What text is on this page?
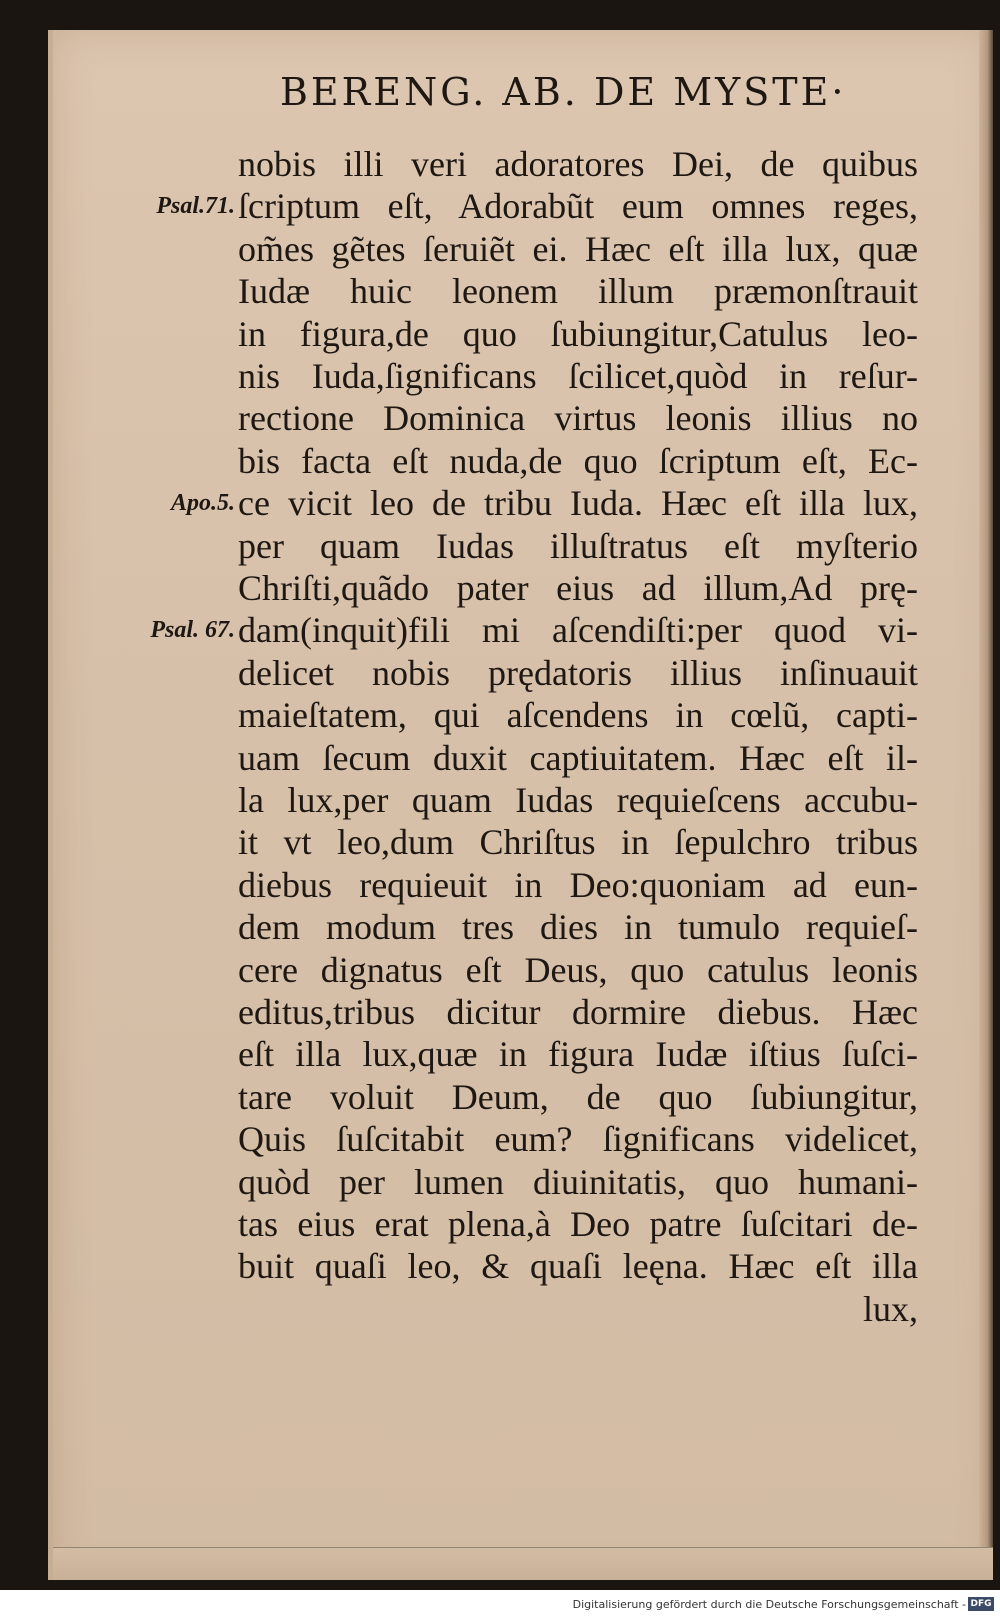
BERENG. AB. DE MYSTE·
nobis illi veri adoratores Dei, de quibus
ſcriptum eſt, Adorabũt eum omnes reges,
om̃es gẽtes ſeruiẽt ei. Hæc eſt illa lux, quæ
Iudæ huic leonem illum præmonſtrauit
in figura,de quo ſubiungitur,Catulus leo-
nis Iuda,ſignificans ſcilicet,quòd in reſur-
rectione Dominica virtus leonis illius no
bis facta eſt nuda,de quo ſcriptum eſt, Ec-
ce vicit leo de tribu Iuda. Hæc eſt illa lux,
per quam Iudas illuſtratus eſt myſterio
Chriſti,quãdo pater eius ad illum,Ad prę-
dam(inquit)fili mi aſcendiſti:per quod vi-
delicet nobis prędatoris illius inſinuauit
maieſtatem, qui aſcendens in cœlũ, capti-
uam ſecum duxit captiuitatem. Hæc eſt il-
la lux,per quam Iudas requieſcens accubu-
it vt leo,dum Chriſtus in ſepulchro tribus
diebus requieuit in Deo:quoniam ad eun-
dem modum tres dies in tumulo requieſ-
cere dignatus eſt Deus, quo catulus leonis
editus,tribus dicitur dormire diebus. Hæc
eſt illa lux,quæ in figura Iudæ iſtius ſuſci-
tare voluit Deum, de quo ſubiungitur,
Quis ſuſcitabit eum? ſignificans videlicet,
quòd per lumen diuinitatis, quo humani-
tas eius erat plena,à Deo patre ſuſcitari de-
buit quaſi leo, & quaſi leęna. Hæc eſt illa
lux,
Psal.71.
Apo.5.
Psal. 67.
Digitalisierung gefördert durch die Deutsche Forschungsgemeinschaft - DFG
